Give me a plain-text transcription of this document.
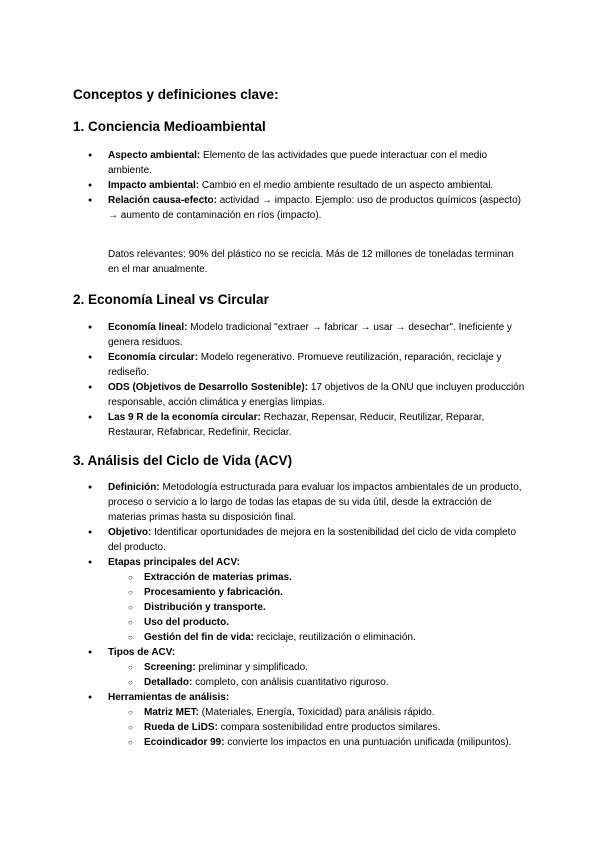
Conceptos y definiciones clave:
1. Conciencia Medioambiental
● Aspecto ambiental: Elemento de las actividades que puede interactuar con el medio ambiente.
● Impacto ambiental: Cambio en el medio ambiente resultado de un aspecto ambiental.
● Relación causa-efecto: actividad → impacto. Ejemplo: uso de productos químicos (aspecto) → aumento de contaminación en ríos (impacto).

Datos relevantes: 90% del plástico no se recicla. Más de 12 millones de toneladas terminan en el mar anualmente.

2. Economía Lineal vs Circular
● Economía lineal: Modelo tradicional "extraer → fabricar → usar → desechar". Ineficiente y genera residuos.
● Economía circular: Modelo regenerativo. Promueve reutilización, reparación, reciclaje y rediseño.
● ODS (Objetivos de Desarrollo Sostenible): 17 objetivos de la ONU que incluyen producción responsable, acción climática y energías limpias.
● Las 9 R de la economía circular: Rechazar, Repensar, Reducir, Reutilizar, Reparar, Restaurar, Refabricar, Redefinir, Reciclar.
3. Análisis del Ciclo de Vida (ACV)
● Definición: Metodología estructurada para evaluar los impactos ambientales de un producto, proceso o servicio a lo largo de todas las etapas de su vida útil, desde la extracción de materias primas hasta su disposición final.
● Objetivo: Identificar oportunidades de mejora en la sostenibilidad del ciclo de vida completo del producto.
● Etapas principales del ACV:
○ Extracción de materias primas.
○ Procesamiento y fabricación.
○ Distribución y transporte.
○ Uso del producto.
○ Gestión del fin de vida: reciclaje, reutilización o eliminación.
● Tipos de ACV:
○ Screening: preliminar y simplificado.
○ Detallado: completo, con análisis cuantitativo riguroso.
● Herramientas de análisis:
○ Matriz MET: (Materiales, Energía, Toxicidad) para análisis rápido.
○ Rueda de LiDS: compara sostenibilidad entre productos similares.
○ Ecoindicador 99: convierte los impactos en una puntuación unificada (milipuntos).
